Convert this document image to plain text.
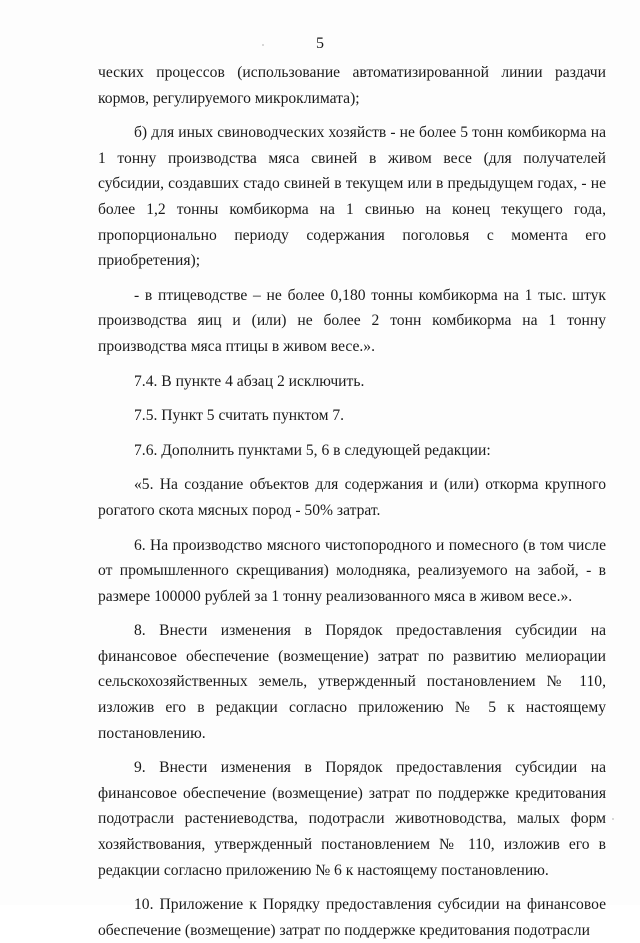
5

ческих процессов (использование автоматизированной линии раздачи кормов, регулируемого микроклимата);

б) для иных свиноводческих хозяйств - не более 5 тонн комбикорма на 1 тонну производства мяса свиней в живом весе (для получателей субсидии, создавших стадо свиней в текущем или в предыдущем годах, - не более 1,2 тонны комбикорма на 1 свинью на конец текущего года, пропорционально периоду содержания поголовья с момента его приобретения);

- в птицеводстве – не более 0,180 тонны комбикорма на 1 тыс. штук производства яиц и (или) не более 2 тонн комбикорма на 1 тонну производства мяса птицы в живом весе.».

7.4. В пункте 4 абзац 2 исключить.

7.5. Пункт 5 считать пунктом 7.

7.6. Дополнить пунктами 5, 6 в следующей редакции:

«5. На создание объектов для содержания и (или) откорма крупного рогатого скота мясных пород - 50% затрат.

6. На производство мясного чистопородного и помесного (в том числе от промышленного скрещивания) молодняка, реализуемого на забой, - в размере 100000 рублей за 1 тонну реализованного мяса в живом весе.».

8. Внести изменения в Порядок предоставления субсидии на финансовое обеспечение (возмещение) затрат по развитию мелиорации сельскохозяйственных земель, утвержденный постановлением № 110, изложив его в редакции согласно приложению № 5 к настоящему постановлению.

9. Внести изменения в Порядок предоставления субсидии на финансовое обеспечение (возмещение) затрат по поддержке кредитования подотрасли растениеводства, подотрасли животноводства, малых форм хозяйствования, утвержденный постановлением № 110, изложив его в редакции согласно приложению № 6 к настоящему постановлению.

10. Приложение к Порядку предоставления субсидии на финансовое обеспечение (возмещение) затрат по поддержке кредитования подотрасли
